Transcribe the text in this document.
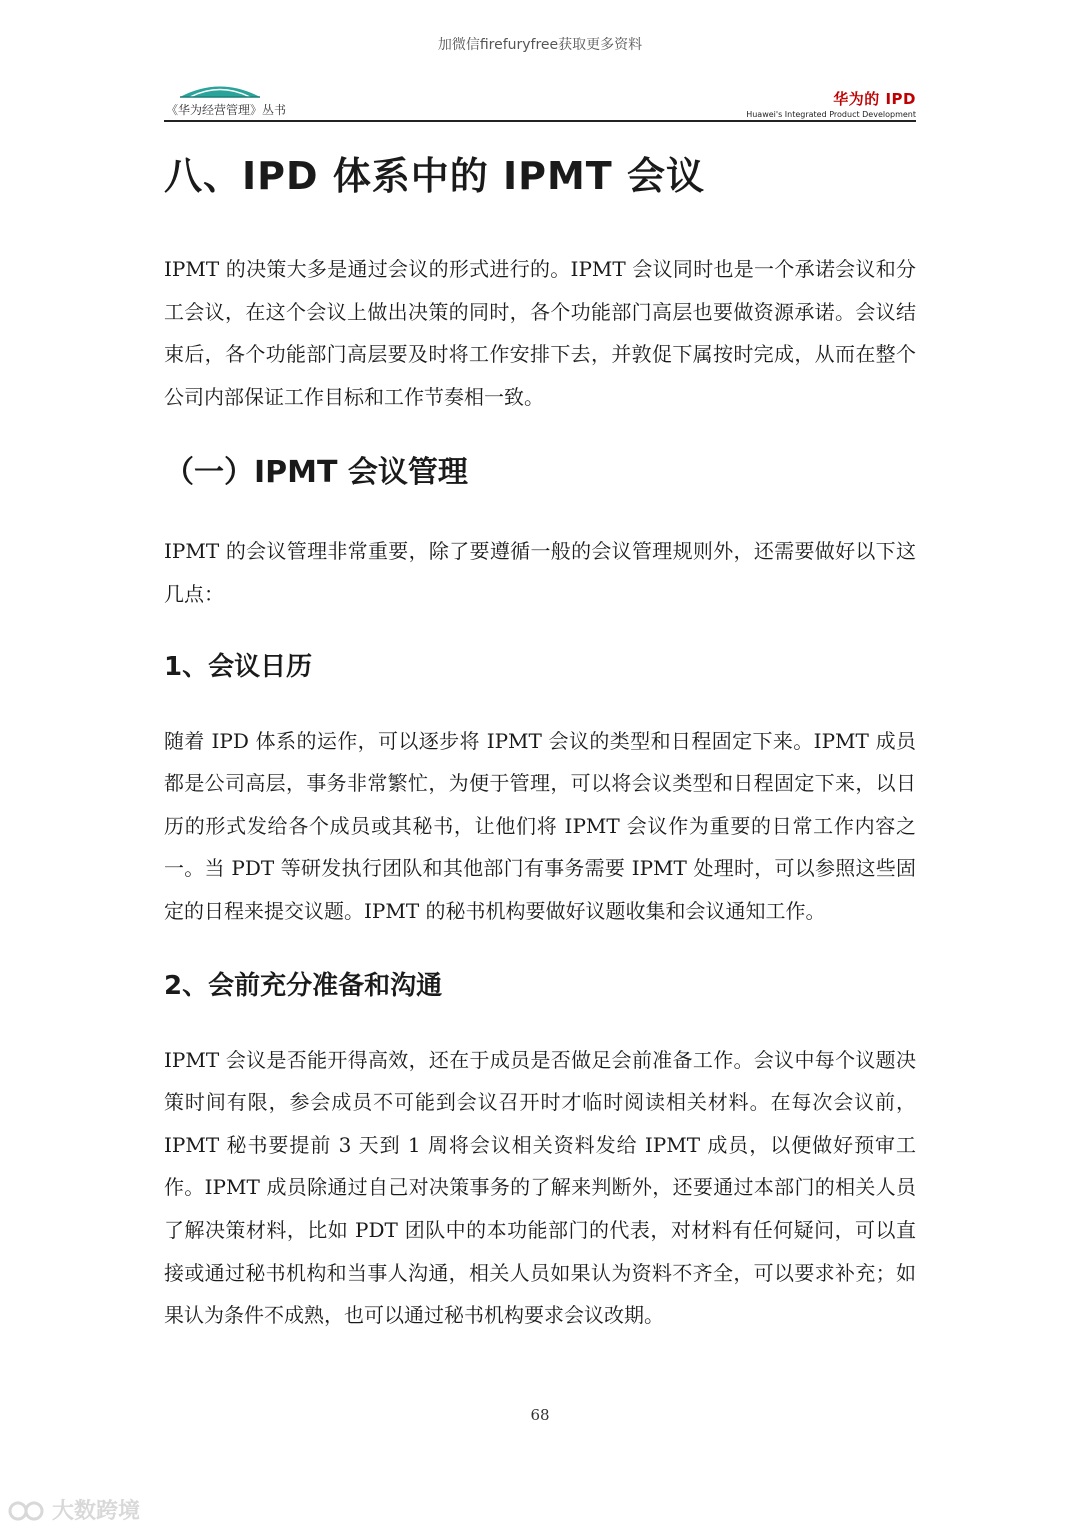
加微信firefuryfree获取更多资料
《华为经营管理》丛书
华为的 IPD
Huawei's Integrated Product Development
八、IPD 体系中的 IPMT 会议

IPMT 的决策大多是通过会议的形式进行的。IPMT 会议同时也是一个承诺会议和分工会议，在这个会议上做出决策的同时，各个功能部门高层也要做资源承诺。会议结束后，各个功能部门高层要及时将工作安排下去，并敦促下属按时完成，从而在整个公司内部保证工作目标和工作节奏相一致。

（一）IPMT 会议管理

IPMT 的会议管理非常重要，除了要遵循一般的会议管理规则外，还需要做好以下这几点：

1、会议日历

随着 IPD 体系的运作，可以逐步将 IPMT 会议的类型和日程固定下来。IPMT 成员都是公司高层，事务非常繁忙，为便于管理，可以将会议类型和日程固定下来，以日历的形式发给各个成员或其秘书，让他们将 IPMT 会议作为重要的日常工作内容之一。当 PDT 等研发执行团队和其他部门有事务需要 IPMT 处理时，可以参照这些固定的日程来提交议题。IPMT 的秘书机构要做好议题收集和会议通知工作。

2、会前充分准备和沟通

IPMT 会议是否能开得高效，还在于成员是否做足会前准备工作。会议中每个议题决策时间有限，参会成员不可能到会议召开时才临时阅读相关材料。在每次会议前，IPMT 秘书要提前 3 天到 1 周将会议相关资料发给 IPMT 成员，以便做好预审工作。IPMT 成员除通过自己对决策事务的了解来判断外，还要通过本部门的相关人员了解决策材料，比如 PDT 团队中的本功能部门的代表，对材料有任何疑问，可以直接或通过秘书机构和当事人沟通，相关人员如果认为资料不齐全，可以要求补充；如果认为条件不成熟，也可以通过秘书机构要求会议改期。

68
大数跨境
